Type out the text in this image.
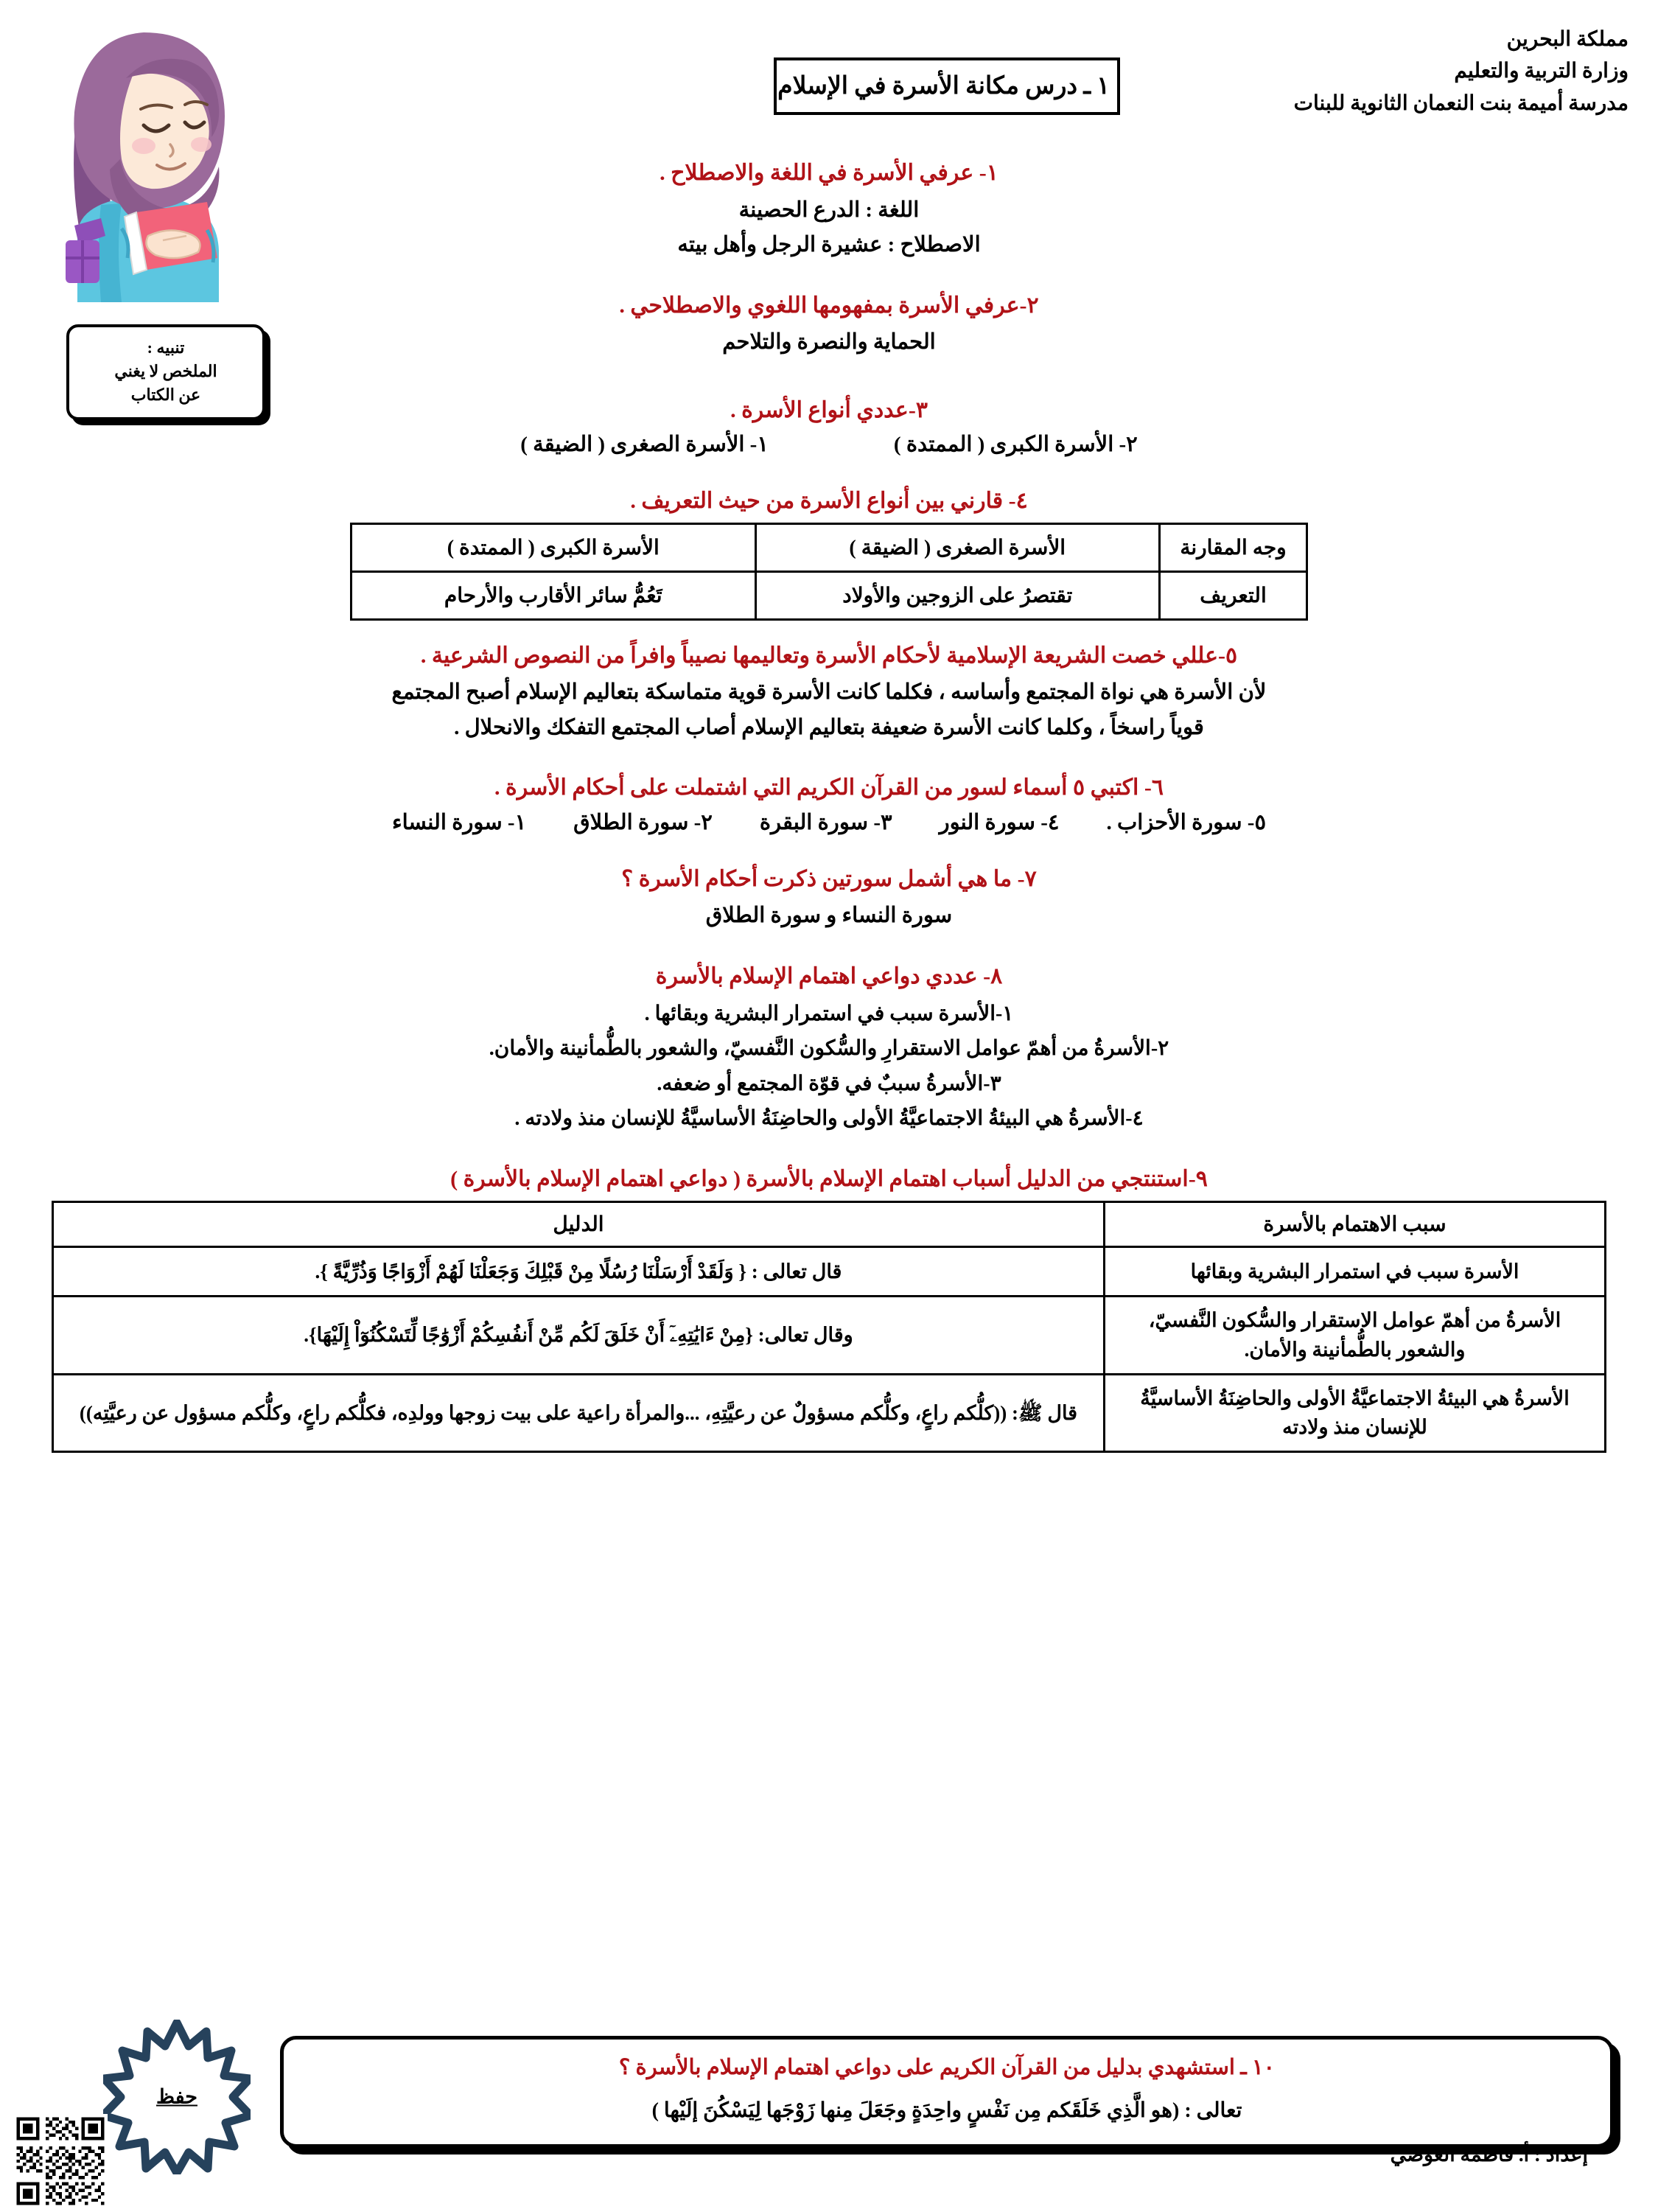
مملكة البحرين
وزارة التربية والتعليم
مدرسة أميمة بنت النعمان الثانوية للبنات
١ ـ درس مكانة الأسرة في الإسلام
تنبيه :
الملخص لا يغني
عن الكتاب
١- عرفي الأسرة في اللغة والاصطلاح .
اللغة : الدرع الحصينة
الاصطلاح : عشيرة الرجل وأهل بيته
٢-عرفي الأسرة بمفهومها اللغوي والاصطلاحي .
الحماية والنصرة والتلاحم
٣-عددي أنواع الأسرة .
٢- الأسرة الكبرى ( الممتدة )
١- الأسرة الصغرى ( الضيقة )
٤- قارني بين أنواع الأسرة من حيث التعريف .
وجه المقارنة	الأسرة الصغرى ( الضيقة )	الأسرة الكبرى ( الممتدة )
التعريف	تقتصرُ على الزوجين والأولاد	تَعُمُّ سائر الأقارب والأرحام
٥-عللي خصت الشريعة الإسلامية لأحكام الأسرة وتعاليمها نصيباً وافراً من النصوص الشرعية .
لأن الأسرة هي نواة المجتمع وأساسه ، فكلما كانت الأسرة قوية متماسكة بتعاليم الإسلام أصبح المجتمع
قوياً راسخاً ، وكلما كانت الأسرة ضعيفة بتعاليم الإسلام أصاب المجتمع التفكك والانحلال .
٦- اكتبي ٥ أسماء لسور من القرآن الكريم التي اشتملت على أحكام الأسرة .
٥- سورة الأحزاب .
٤- سورة النور
٣- سورة البقرة
٢- سورة الطلاق
١- سورة النساء
٧- ما هي أشمل سورتين ذكرت أحكام الأسرة ؟
سورة النساء و سورة الطلاق
٨- عددي دواعي اهتمام الإسلام بالأسرة
١-الأسرة سبب في استمرار البشرية وبقائها .
٢-الأسرةُ من أهمّ عوامل الاستقرارِ والسُّكون النَّفسيّ، والشعور بالطُّمأنينة والأمان.
٣-الأسرةُ سببٌ في قوّة المجتمع أو ضعفه.
٤-الأسرةُ هي البيئةُ الاجتماعيَّةُ الأولى والحاضِنَةُ الأساسيَّةُ للإنسان منذ ولادته .
٩-استنتجي من الدليل أسباب اهتمام الإسلام بالأسرة ( دواعي اهتمام الإسلام بالأسرة )
سبب الاهتمام بالأسرة	الدليل
الأسرة سبب في استمرار البشرية وبقائها	قال تعالى : { وَلَقَدْ أَرْسَلْنَا رُسُلًا مِنْ قَبْلِكَ وَجَعَلْنَا لَهُمْ أَزْوَاجًا وَذُرِّيَّةً }.
الأسرةُ من أهمّ عوامل الاستقرار والسُّكون النَّفسيّ، والشعور بالطُّمأنينة والأمان.	وقال تعالى: {مِنْ ءَايَٰتِهِۦٓ أَنْ خَلَقَ لَكُم مِّنْ أَنفُسِكُمْ أَزْوَٰجًا لِّتَسْكُنُوٓاْ إِلَيْهَا}.
الأسرةُ هي البيئةُ الاجتماعيَّةُ الأولى والحاضِنَةُ الأساسيَّةُ للإنسان منذ ولادته	قال ﷺ: ((كلُّكم راعٍ، وكلُّكم مسؤولٌ عن رعيَّتِهِ، ...والمرأة راعية على بيت زوجها وولدِه، فكلُّكم راعٍ، وكلُّكم مسؤول عن رعيَّتِه))
١٠ ـ استشهدي بدليل من القرآن الكريم على دواعي اهتمام الإسلام بالأسرة ؟
تعالى : (هو الَّذِي خَلَقَكم مِن نَفْسٍ واحِدَةٍ وجَعَلَ مِنها زَوْجَها لِيَسْكُنَ إلَيْها )
حفظ
إعداد : أ. فاطمة العوضي
